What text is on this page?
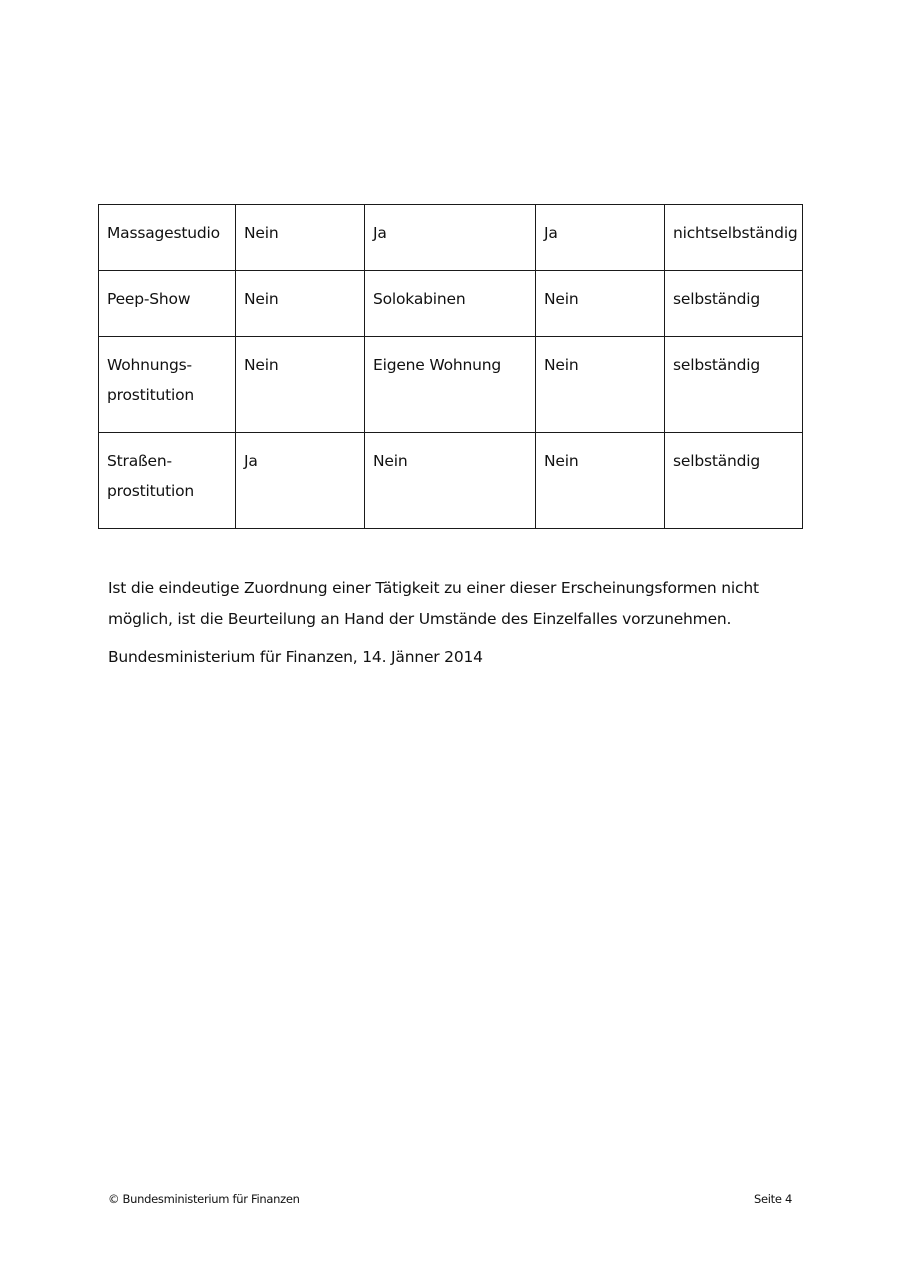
Massagestudio	Nein	Ja	Ja	nichtselbständig

Peep-Show	Nein	Solokabinen	Nein	selbständig

Wohnungs-
prostitution	Nein	Eigene Wohnung	Nein	selbständig

Straßen-
prostitution	Ja	Nein	Nein	selbständig
Ist die eindeutige Zuordnung einer Tätigkeit zu einer dieser Erscheinungsformen nicht
möglich, ist die Beurteilung an Hand der Umstände des Einzelfalles vorzunehmen.
Bundesministerium für Finanzen, 14. Jänner 2014
© Bundesministerium für Finanzen	Seite 4
